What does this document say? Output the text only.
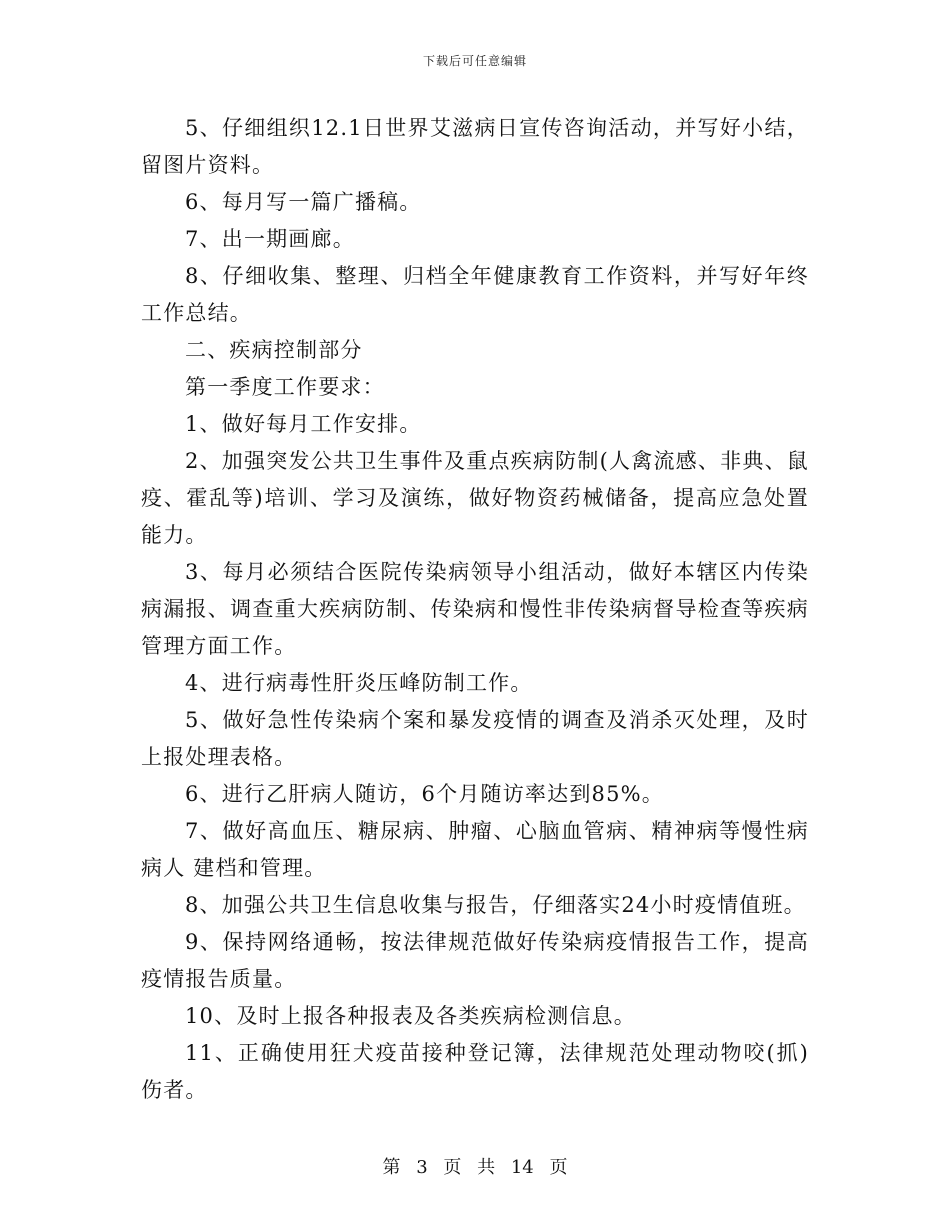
下载后可任意编辑

5、仔细组织12.1日世界艾滋病日宣传咨询活动，并写好小结，留图片资料。

6、每月写一篇广播稿。

7、出一期画廊。

8、仔细收集、整理、归档全年健康教育工作资料，并写好年终工作总结。

二、疾病控制部分

第一季度工作要求：

1、做好每月工作安排。

2、加强突发公共卫生事件及重点疾病防制(人禽流感、非典、鼠疫、霍乱等)培训、学习及演练，做好物资药械储备，提高应急处置能力。

3、每月必须结合医院传染病领导小组活动，做好本辖区内传染病漏报、调查重大疾病防制、传染病和慢性非传染病督导检查等疾病管理方面工作。

4、进行病毒性肝炎压峰防制工作。

5、做好急性传染病个案和暴发疫情的调查及消杀灭处理，及时上报处理表格。

6、进行乙肝病人随访，6个月随访率达到85%。

7、做好高血压、糖尿病、肿瘤、心脑血管病、精神病等慢性病病人 建档和管理。

8、加强公共卫生信息收集与报告，仔细落实24小时疫情值班。

9、保持网络通畅，按法律规范做好传染病疫情报告工作，提高疫情报告质量。

10、及时上报各种报表及各类疾病检测信息。

11、正确使用狂犬疫苗接种登记簿，法律规范处理动物咬(抓)伤者。

第 3 页 共 14 页
